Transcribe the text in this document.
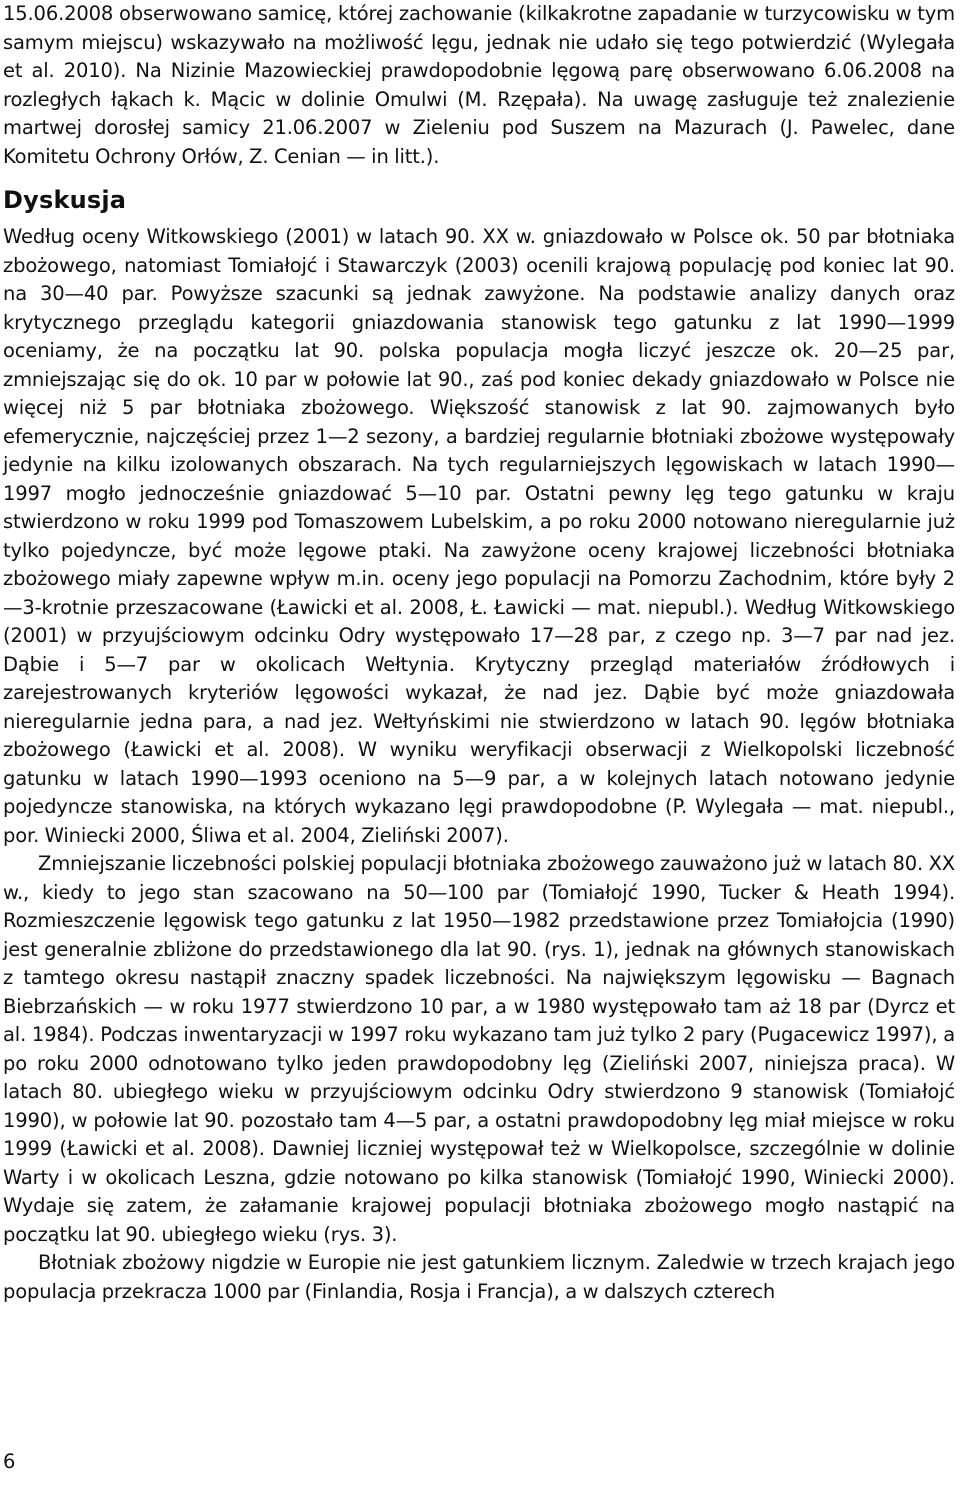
15.06.2008 obserwowano samicę, której zachowanie (kilkakrotne zapadanie w turzycowisku w tym samym miejscu) wskazywało na możliwość lęgu, jednak nie udało się tego potwierdzić (Wylegała et al. 2010). Na Nizinie Mazowieckiej prawdopodobnie lęgową parę obserwowano 6.06.2008 na rozległych łąkach k. Mącic w dolinie Omulwi (M. Rzępała). Na uwagę zasługuje też znalezienie martwej dorosłej samicy 21.06.2007 w Zieleniu pod Suszem na Mazurach (J. Pawelec, dane Komitetu Ochrony Orłów, Z. Cenian — in litt.).

Dyskusja

Według oceny Witkowskiego (2001) w latach 90. XX w. gniazdowało w Polsce ok. 50 par błotniaka zbożowego, natomiast Tomiałojć i Stawarczyk (2003) ocenili krajową populację pod koniec lat 90. na 30—40 par. Powyższe szacunki są jednak zawyżone. Na podstawie analizy danych oraz krytycznego przeglądu kategorii gniazdowania stanowisk tego gatunku z lat 1990—1999 oceniamy, że na początku lat 90. polska populacja mogła liczyć jeszcze ok. 20—25 par, zmniejszając się do ok. 10 par w połowie lat 90., zaś pod koniec dekady gniazdowało w Polsce nie więcej niż 5 par błotniaka zbożowego. Większość stanowisk z lat 90. zajmowanych było efemerycznie, najczęściej przez 1—2 sezony, a bardziej regularnie błotniaki zbożowe występowały jedynie na kilku izolowanych obszarach. Na tych regularniejszych lęgowiskach w latach 1990—1997 mogło jednocześnie gniazdować 5—10 par. Ostatni pewny lęg tego gatunku w kraju stwierdzono w roku 1999 pod Tomaszowem Lubelskim, a po roku 2000 notowano nieregularnie już tylko pojedyncze, być może lęgowe ptaki. Na zawyżone oceny krajowej liczebności błotniaka zbożowego miały zapewne wpływ m.in. oceny jego populacji na Pomorzu Zachodnim, które były 2—3-krotnie przeszacowane (Ławicki et al. 2008, Ł. Ławicki — mat. niepubl.). Według Witkowskiego (2001) w przyujściowym odcinku Odry występowało 17—28 par, z czego np. 3—7 par nad jez. Dąbie i 5—7 par w okolicach Wełtynia. Krytyczny przegląd materiałów źródłowych i zarejestrowanych kryteriów lęgowości wykazał, że nad jez. Dąbie być może gniazdowała nieregularnie jedna para, a nad jez. Wełtyńskimi nie stwierdzono w latach 90. lęgów błotniaka zbożowego (Ławicki et al. 2008). W wyniku weryfikacji obserwacji z Wielkopolski liczebność gatunku w latach 1990—1993 oceniono na 5—9 par, a w kolejnych latach notowano jedynie pojedyncze stanowiska, na których wykazano lęgi prawdopodobne (P. Wylegała — mat. niepubl., por. Winiecki 2000, Śliwa et al. 2004, Zieliński 2007).

Zmniejszanie liczebności polskiej populacji błotniaka zbożowego zauważono już w latach 80. XX w., kiedy to jego stan szacowano na 50—100 par (Tomiałojć 1990, Tucker & Heath 1994). Rozmieszczenie lęgowisk tego gatunku z lat 1950—1982 przedstawione przez Tomiałojcia (1990) jest generalnie zbliżone do przedstawionego dla lat 90. (rys. 1), jednak na głównych stanowiskach z tamtego okresu nastąpił znaczny spadek liczebności. Na największym lęgowisku — Bagnach Biebrzańskich — w roku 1977 stwierdzono 10 par, a w 1980 występowało tam aż 18 par (Dyrcz et al. 1984). Podczas inwentaryzacji w 1997 roku wykazano tam już tylko 2 pary (Pugacewicz 1997), a po roku 2000 odnotowano tylko jeden prawdopodobny lęg (Zieliński 2007, niniejsza praca). W latach 80. ubiegłego wieku w przyujściowym odcinku Odry stwierdzono 9 stanowisk (Tomiałojć 1990), w połowie lat 90. pozostało tam 4—5 par, a ostatni prawdopodobny lęg miał miejsce w roku 1999 (Ławicki et al. 2008). Dawniej liczniej występował też w Wielkopolsce, szczególnie w dolinie Warty i w okolicach Leszna, gdzie notowano po kilka stanowisk (Tomiałojć 1990, Winiecki 2000). Wydaje się zatem, że załamanie krajowej populacji błotniaka zbożowego mogło nastąpić na początku lat 90. ubiegłego wieku (rys. 3).

Błotniak zbożowy nigdzie w Europie nie jest gatunkiem licznym. Zaledwie w trzech krajach jego populacja przekracza 1000 par (Finlandia, Rosja i Francja), a w dalszych czterech

6
